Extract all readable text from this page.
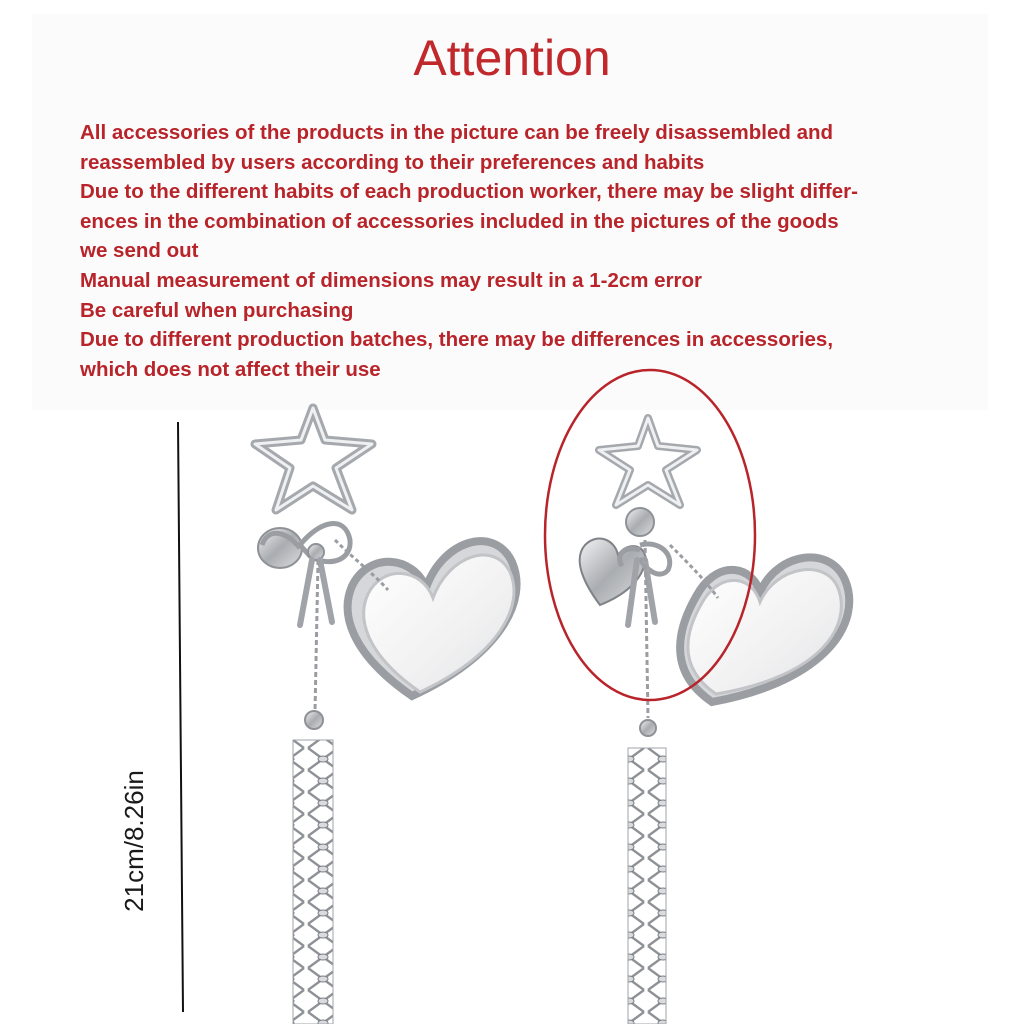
Attention
All accessories of the products in the picture can be freely disassembled and
reassembled by users according to their preferences and habits
Due to the different habits of each production worker, there may be slight differ-
ences in the combination of accessories included in the pictures of the goods
we send out
Manual measurement of dimensions may result in a 1-2cm error
Be careful when purchasing
Due to different production batches, there may be differences in accessories,
which does not affect their use
21cm/8.26in
